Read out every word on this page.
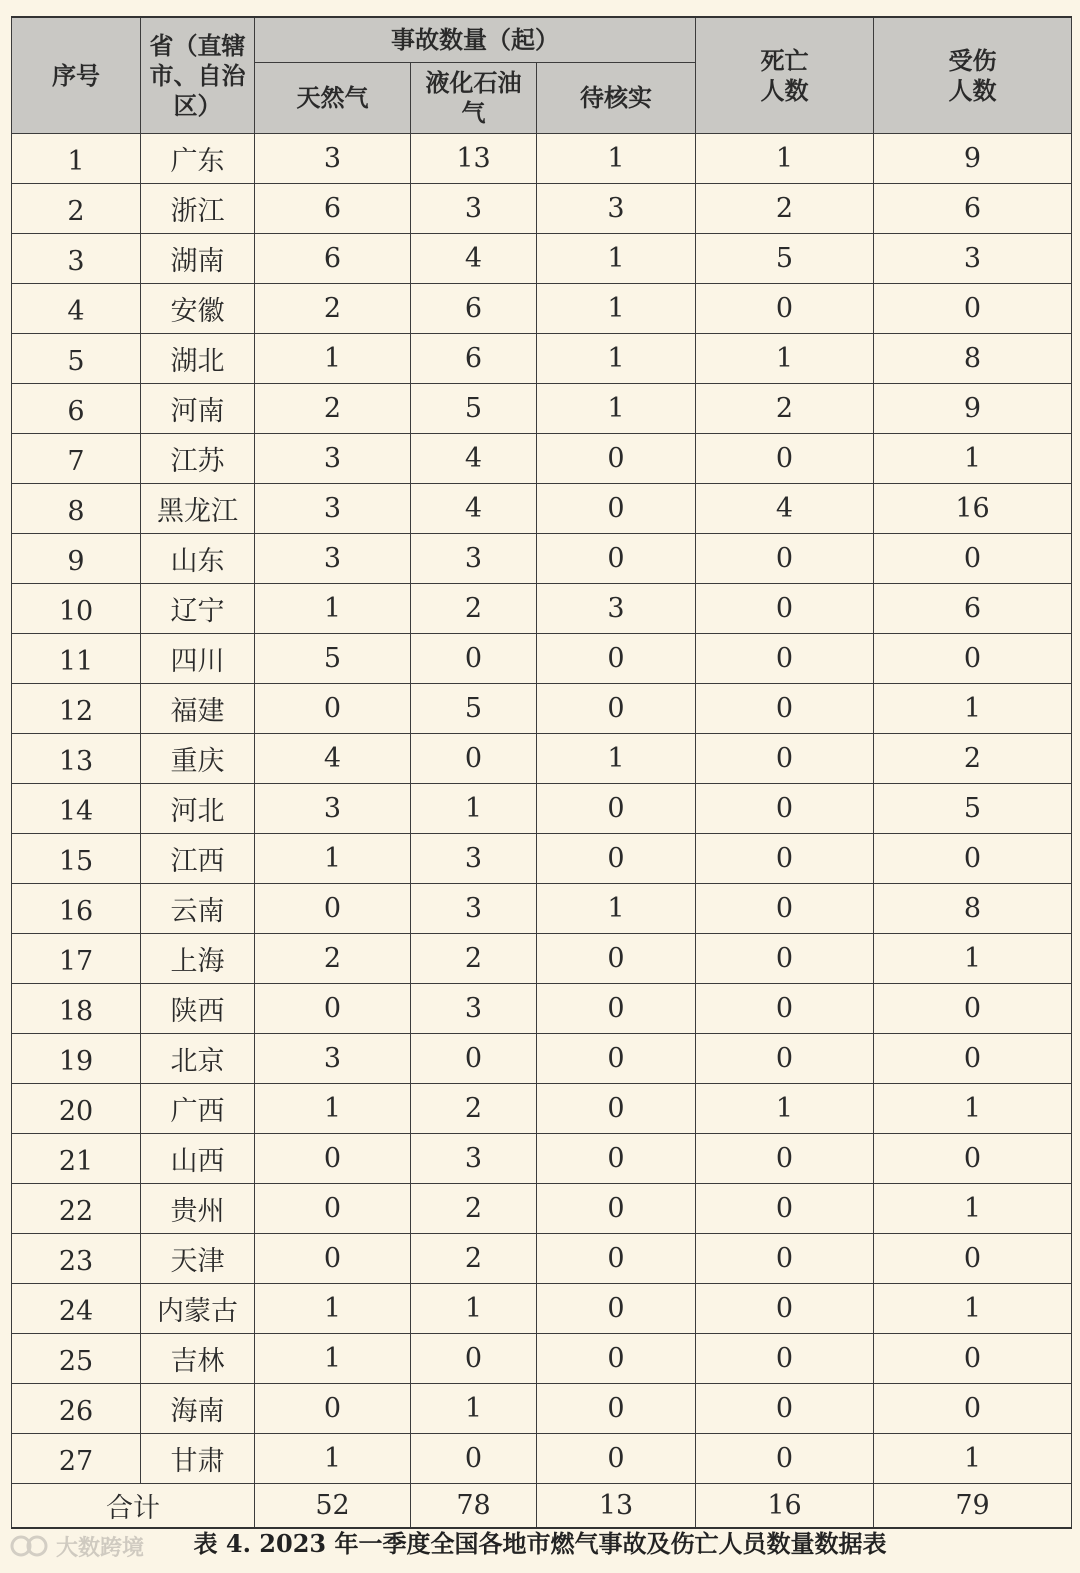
序号	省（直辖市、自治区）	事故数量（起）			死亡人数	受伤人数
		天然气	液化石油气	待核实		
1	广东	3	13	1	1	9
2	浙江	6	3	3	2	6
3	湖南	6	4	1	5	3
4	安徽	2	6	1	0	0
5	湖北	1	6	1	1	8
6	河南	2	5	1	2	9
7	江苏	3	4	0	0	1
8	黑龙江	3	4	0	4	16
9	山东	3	3	0	0	0
10	辽宁	1	2	3	0	6
11	四川	5	0	0	0	0
12	福建	0	5	0	0	1
13	重庆	4	0	1	0	2
14	河北	3	1	0	0	5
15	江西	1	3	0	0	0
16	云南	0	3	1	0	8
17	上海	2	2	0	0	1
18	陕西	0	3	0	0	0
19	北京	3	0	0	0	0
20	广西	1	2	0	1	1
21	山西	0	3	0	0	0
22	贵州	0	2	0	0	1
23	天津	0	2	0	0	0
24	内蒙古	1	1	0	0	1
25	吉林	1	0	0	0	0
26	海南	0	1	0	0	0
27	甘肃	1	0	0	0	1
合计		52	78	13	16	79
大数跨境	表 4. 2023 年一季度全国各地市燃气事故及伤亡人员数量数据表
